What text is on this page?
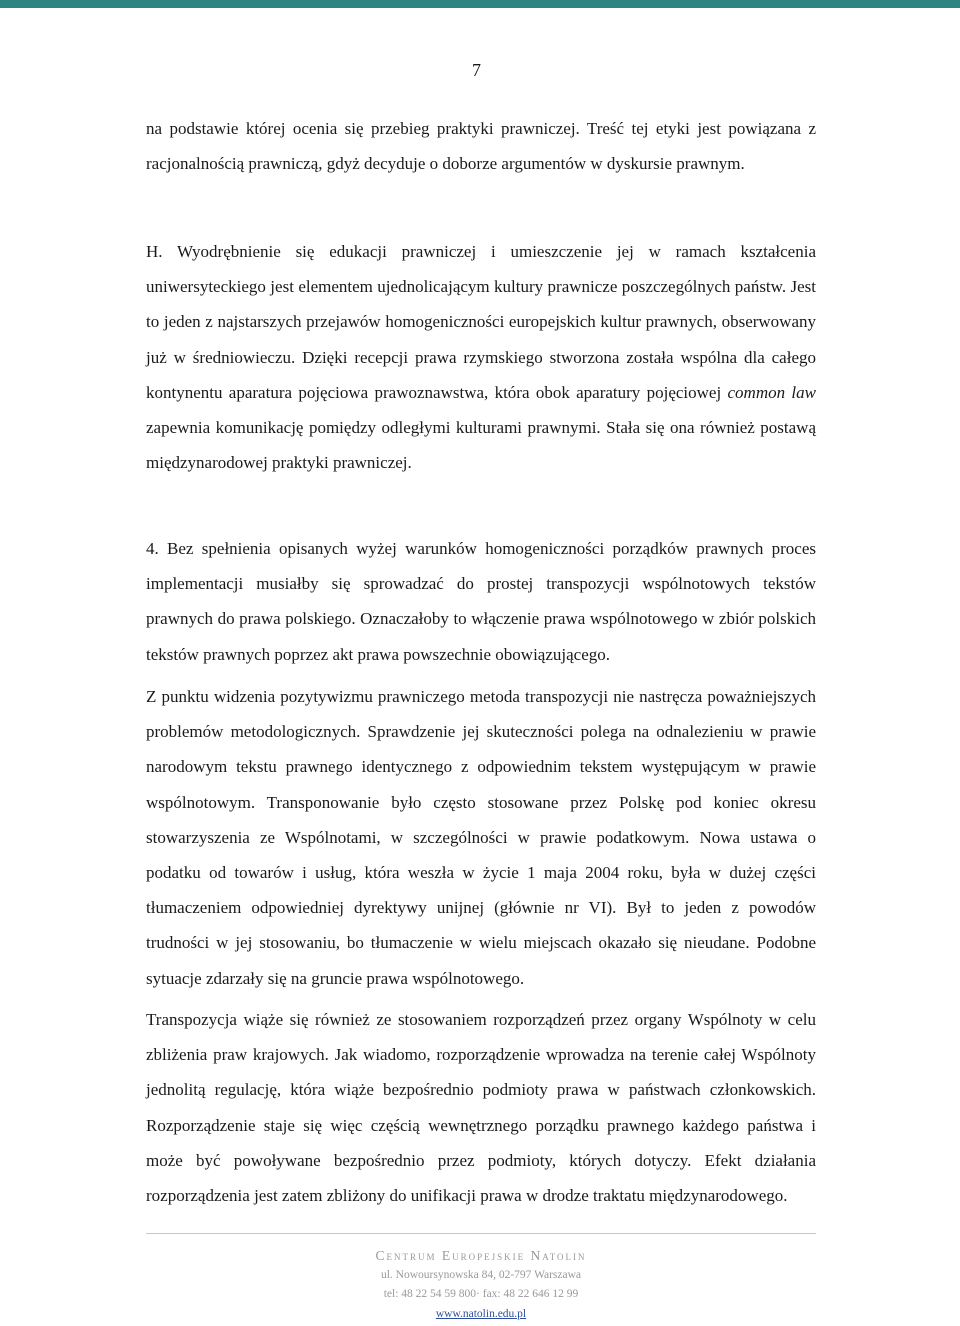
7

na podstawie której ocenia się przebieg praktyki prawniczej. Treść tej etyki jest powiązana z racjonalnością prawniczą, gdyż decyduje o doborze argumentów w dyskursie prawnym.

H. Wyodrębnienie się edukacji prawniczej i umieszczenie jej w ramach kształcenia uniwersyteckiego jest elementem ujednolicającym kultury prawnicze poszczególnych państw. Jest to jeden z najstarszych przejawów homogeniczności europejskich kultur prawnych, obserwowany już w średniowieczu. Dzięki recepcji prawa rzymskiego stworzona została wspólna dla całego kontynentu aparatura pojęciowa prawoznawstwa, która obok aparatury pojęciowej common law zapewnia komunikację pomiędzy odległymi kulturami prawnymi. Stała się ona również postawą międzynarodowej praktyki prawniczej.

4. Bez spełnienia opisanych wyżej warunków homogeniczności porządków prawnych proces implementacji musiałby się sprowadzać do prostej transpozycji wspólnotowych tekstów prawnych do prawa polskiego. Oznaczałoby to włączenie prawa wspólnotowego w zbiór polskich tekstów prawnych poprzez akt prawa powszechnie obowiązującego.

Z punktu widzenia pozytywizmu prawniczego metoda transpozycji nie nastręcza poważniejszych problemów metodologicznych. Sprawdzenie jej skuteczności polega na odnalezieniu w prawie narodowym tekstu prawnego identycznego z odpowiednim tekstem występującym w prawie wspólnotowym. Transponowanie było często stosowane przez Polskę pod koniec okresu stowarzyszenia ze Wspólnotami, w szczególności w prawie podatkowym. Nowa ustawa o podatku od towarów i usług, która weszła w życie 1 maja 2004 roku, była w dużej części tłumaczeniem odpowiedniej dyrektywy unijnej (głównie nr VI). Był to jeden z powodów trudności w jej stosowaniu, bo tłumaczenie w wielu miejscach okazało się nieudane. Podobne sytuacje zdarzały się na gruncie prawa wspólnotowego.

Transpozycja wiąże się również ze stosowaniem rozporządzeń przez organy Wspólnoty w celu zbliżenia praw krajowych. Jak wiadomo, rozporządzenie wprowadza na terenie całej Wspólnoty jednolitą regulację, która wiąże bezpośrednio podmioty prawa w państwach członkowskich. Rozporządzenie staje się więc częścią wewnętrznego porządku prawnego każdego państwa i może być powoływane bezpośrednio przez podmioty, których dotyczy. Efekt działania rozporządzenia jest zatem zbliżony do unifikacji prawa w drodze traktatu międzynarodowego.

Centrum Europejskie Natolin
ul. Nowoursynowska 84, 02-797 Warszawa
tel: 48 22 54 59 800· fax: 48 22 646 12 99
www.natolin.edu.pl
